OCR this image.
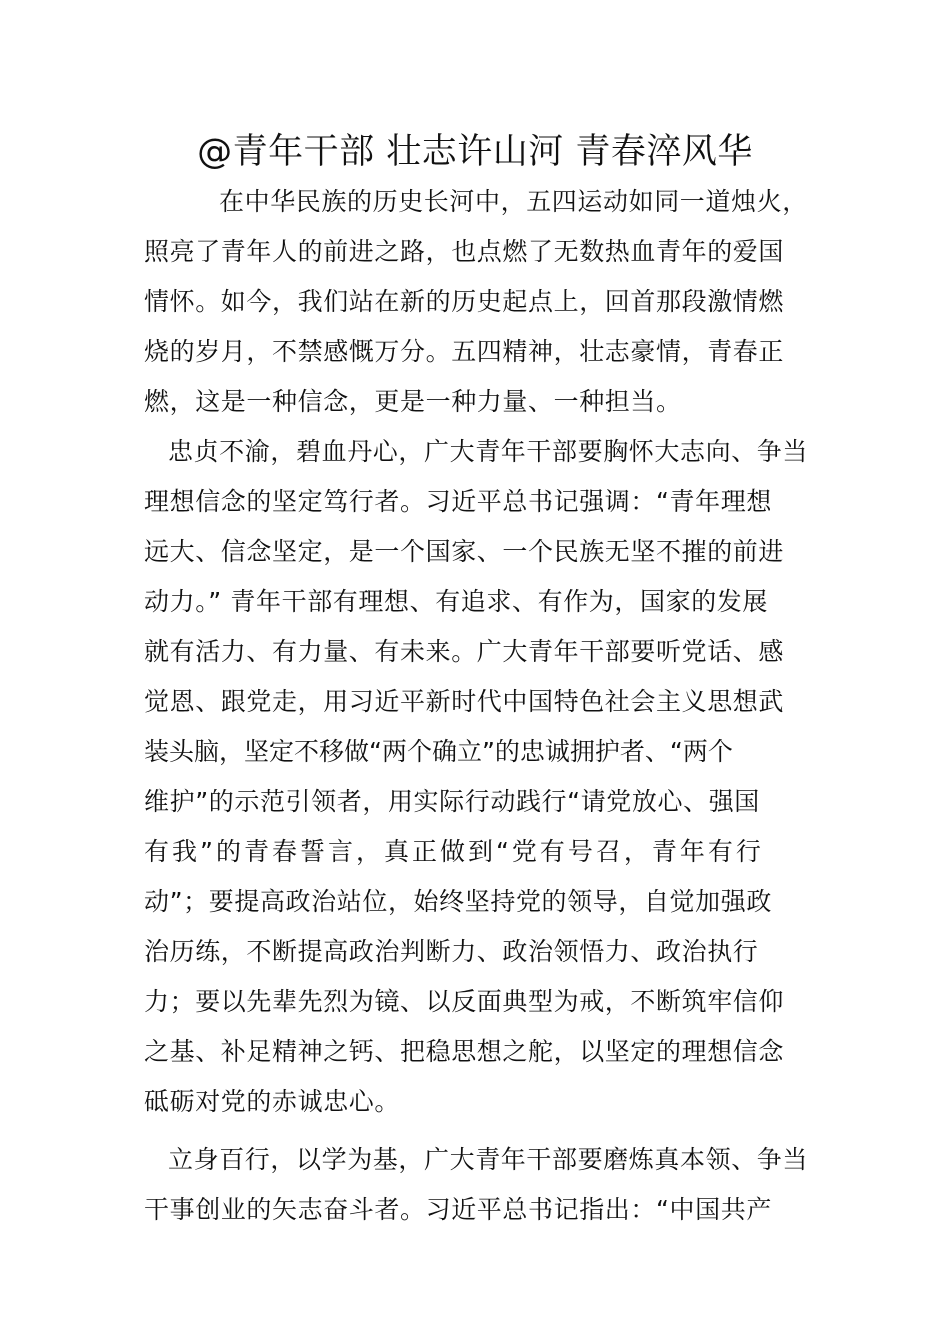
@青年干部 壮志许山河 青春淬风华
在中华民族的历史长河中，五四运动如同一道烛火，
照亮了青年人的前进之路，也点燃了无数热血青年的爱国
情怀。如今，我们站在新的历史起点上，回首那段激情燃
烧的岁月，不禁感慨万分。五四精神，壮志豪情，青春正
燃，这是一种信念，更是一种力量、一种担当。
忠贞不渝，碧血丹心，广大青年干部要胸怀大志向、争当
理想信念的坚定笃行者。习近平总书记强调：“青年理想
远大、信念坚定，是一个国家、一个民族无坚不摧的前进
动力。” 青年干部有理想、有追求、有作为，国家的发展
就有活力、有力量、有未来。广大青年干部要听党话、感
觉恩、跟党走，用习近平新时代中国特色社会主义思想武
装头脑，坚定不移做“两个确立”的忠诚拥护者、“两个
维护”的示范引领者，用实际行动践行“请党放心、强国
有我”的青春誓言，真正做到“党有号召，青年有行
动”；要提高政治站位，始终坚持党的领导，自觉加强政
治历练，不断提高政治判断力、政治领悟力、政治执行
力；要以先辈先烈为镜、以反面典型为戒，不断筑牢信仰
之基、补足精神之钙、把稳思想之舵，以坚定的理想信念
砥砺对党的赤诚忠心。
立身百行，以学为基，广大青年干部要磨炼真本领、争当
干事创业的矢志奋斗者。习近平总书记指出：“中国共产
